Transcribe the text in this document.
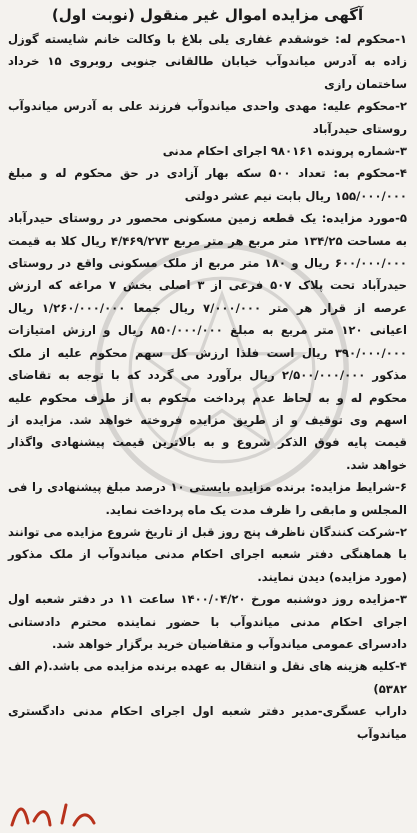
آگهی مزایده اموال غیر منقول (نوبت اول)

۱-محکوم له: خوشقدم غفاری یلی بلاغ با وکالت خانم شایسته گوزل زاده به آدرس میاندوآب خیابان طالقانی جنوبی روبروی ۱۵ خرداد ساختمان رازی

۲-محکوم علیه: مهدی واحدی میاندوآب فرزند علی به آدرس میاندوآب روستای حیدرآباد

۳-شماره پرونده ۹۸۰۱۶۱ اجرای احکام مدنی

۴-محکوم به: تعداد ۵۰۰ سکه بهار آزادی در حق محکوم له و مبلغ ۱۵۵/۰۰۰/۰۰۰ ریال بابت نیم عشر دولتی

۵-مورد مزایده: یک قطعه زمین مسکونی محصور در روستای حیدرآباد به مساحت ۱۳۴/۲۵ متر مربع هر متر مربع ۴/۴۶۹/۲۷۳ ریال کلا به قیمت ۶۰۰/۰۰۰/۰۰۰ ریال و ۱۸۰ متر مربع از ملک مسکونی واقع در روستای حیدرآباد تحت پلاک ۵۰۷ فرعی از ۳ اصلی بخش ۷ مراغه که ارزش عرصه از قرار هر متر ۷/۰۰۰/۰۰۰ ریال جمعا ۱/۲۶۰/۰۰۰/۰۰۰ ریال اعیانی ۱۲۰ متر مربع به مبلغ ۸۵۰/۰۰۰/۰۰۰ ریال و ارزش امتیازات ۳۹۰/۰۰۰/۰۰۰ ریال است فلذا ارزش کل سهم محکوم علیه از ملک مذکور ۲/۵۰۰/۰۰۰/۰۰۰ ریال برآورد می گردد که با توجه به تقاضای محکوم له و به لحاظ عدم پرداخت محکوم به از طرف محکوم علیه اسهم وی توقیف و از طریق مزایده فروخته خواهد شد. مزایده از قیمت پایه فوق الذکر شروع و به بالاترین قیمت پیشنهادی واگذار خواهد شد.

۶-شرایط مزایده: برنده مزایده بایستی ۱۰ درصد مبلغ پیشنهادی را فی المجلس و مابقی را ظرف مدت یک ماه پرداخت نماید.

۲-شرکت کنندگان ناظرف پنج روز قبل از تاریخ شروع مزایده می توانند با هماهنگی دفتر شعبه اجرای احکام مدنی میاندوآب از ملک مذکور (مورد مزایده) دیدن نمایند.

۳-مزایده روز دوشنبه مورخ ۱۴۰۰/۰۴/۲۰ ساعت ۱۱ در دفتر شعبه اول اجرای احکام مدنی میاندوآب با حضور نماینده محترم دادستانی دادسرای عمومی میاندوآب و متقاضیان خرید برگزار خواهد شد.

۴-کلیه هزینه های نقل و انتقال به عهده برنده مزایده می باشد.(م الف ۵۳۸۲)

داراب عسگری-مدیر دفتر شعبه اول اجرای احکام مدنی دادگستری میاندوآب
